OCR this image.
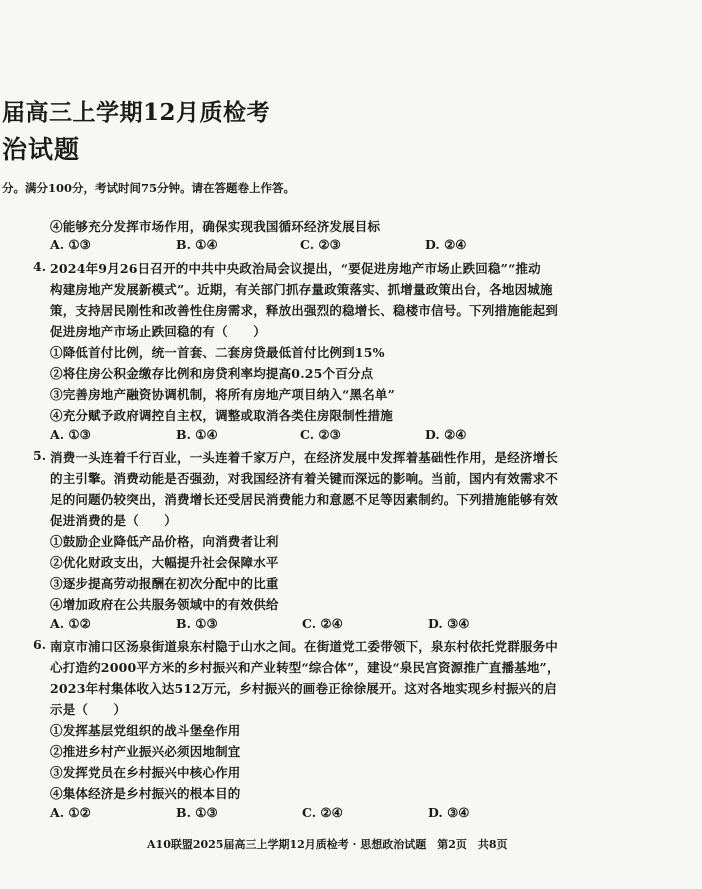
届高三上学期12月质检考
治试题
分。满分100分，考试时间75分钟。请在答题卷上作答。
④能够充分发挥市场作用，确保实现我国循环经济发展目标
A. ①③	B. ①④	C. ②③	D. ②④
4. 2024年9月26日召开的中共中央政治局会议提出，“要促进房地产市场止跌回稳”“推动
构建房地产发展新模式”。近期，有关部门抓存量政策落实、抓增量政策出台，各地因城施
策，支持居民刚性和改善性住房需求，释放出强烈的稳增长、稳楼市信号。下列措施能起到
促进房地产市场止跌回稳的有（　　）
①降低首付比例，统一首套、二套房贷最低首付比例到15%
②将住房公积金缴存比例和房贷利率均提高0.25个百分点
③完善房地产融资协调机制，将所有房地产项目纳入“黑名单”
④充分赋予政府调控自主权，调整或取消各类住房限制性措施
A. ①③	B. ①④	C. ②③	D. ②④
5. 消费一头连着千行百业，一头连着千家万户，在经济发展中发挥着基础性作用，是经济增长
的主引擎。消费动能是否强劲，对我国经济有着关键而深远的影响。当前，国内有效需求不
足的问题仍较突出，消费增长还受居民消费能力和意愿不足等因素制约。下列措施能够有效
促进消费的是（　　）
①鼓励企业降低产品价格，向消费者让利
②优化财政支出，大幅提升社会保障水平
③逐步提高劳动报酬在初次分配中的比重
④增加政府在公共服务领域中的有效供给
A. ①②	B. ①③	C. ②④	D. ③④
6. 南京市浦口区汤泉街道泉东村隐于山水之间。在街道党工委带领下，泉东村依托党群服务中
心打造约2000平方米的乡村振兴和产业转型“综合体”，建设“泉民宫资源推广直播基地”，
2023年村集体收入达512万元，乡村振兴的画卷正徐徐展开。这对各地实现乡村振兴的启
示是（　　）
①发挥基层党组织的战斗堡垒作用
②推进乡村产业振兴必须因地制宜
③发挥党员在乡村振兴中核心作用
④集体经济是乡村振兴的根本目的
A. ①②	B. ①③	C. ②④	D. ③④
A10联盟2025届高三上学期12月质检考 · 思想政治试题　第2页　共8页
